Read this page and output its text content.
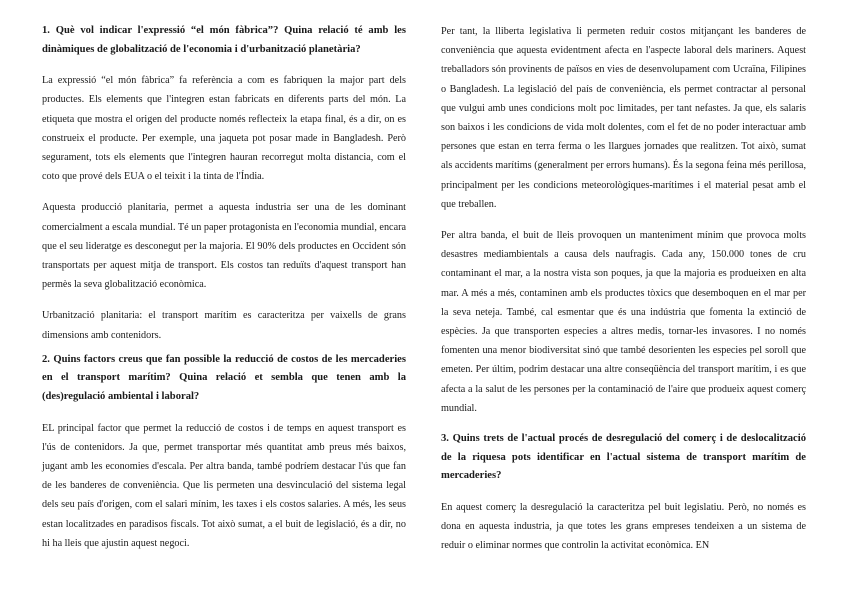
1. Què vol indicar l'expressió “el món fàbrica”? Quina relació té amb les dinàmiques de globalització de l'economia i d'urbanització planetària?

La expressió “el món fàbrica” fa referència a com es fabriquen la major part dels productes. Els elements que l'integren estan fabricats en diferents parts del món. La etiqueta que mostra el origen del producte només reflecteix la etapa final, és a dir, on es construeix el producte. Per exemple, una jaqueta pot posar made in Bangladesh. Però segurament, tots els elements que l'integren hauran recorregut molta distancia, com el coto que prové dels EUA o el teixit i la tinta de l'Índia.

Aquesta producció planitaria, permet a aquesta industria ser una de les dominant comercialment a escala mundial. Té un paper protagonista en l'economia mundial, encara que el seu lideratge es desconegut per la majoria. El 90% dels productes en Occident són transportats per aquest mitja de transport. Els costos tan reduïts d'aquest transport han permès la seva globalització econòmica.

Urbanització planitaria: el transport marítim es caracteritza per vaixells de grans dimensions amb contenidors.

2. Quins factors creus que fan possible la reducció de costos de les mercaderies en el transport marítim? Quina relació et sembla que tenen amb la (des)regulació ambiental i laboral?

EL principal factor que permet la reducció de costos i de temps en aquest transport es l'ús de contenidors. Ja que, permet transportar més quantitat amb preus més baixos, jugant amb les economies d'escala. Per altra banda, també podríem destacar l'ús que fan de les banderes de conveniència. Que lis permeten una desvinculació del sistema legal dels seu país d'origen, com el salari mínim, les taxes i els costos salaries. A més, les seus estan localitzades en paradisos fiscals. Tot això sumat, a el buit de legislació, és a dir, no hi ha lleis que ajustin aquest negoci.

Per tant, la lliberta legislativa li permeten reduir costos mitjançant les banderes de conveniència que aquesta evidentment afecta en l'aspecte laboral dels mariners. Aquest treballadors són provinents de països en vies de desenvolupament com Ucraïna, Filipines o Bangladesh. La legislació del país de conveniència, els permet contractar al personal que vulgui amb unes condicions molt poc limitades, per tant nefastes. Ja que, els salaris son baixos i les condicions de vida molt dolentes, com el fet de no poder interactuar amb persones que estan en terra ferma o les llargues jornades que realitzen. Tot això, sumat als accidents marítims (generalment per errors humans). És la segona feina més perillosa, principalment per les condicions meteorològiques-marítimes i el material pesat amb el que treballen.

Per altra banda, el buit de lleis provoquen un manteniment mínim que provoca molts desastres mediambientals a causa dels naufragis. Cada any, 150.000 tones de cru contaminant el mar, a la nostra vista son poques, ja que la majoria es produeixen en alta mar. A més a més, contaminen amb els productes tòxics que desemboquen en el mar per la seva neteja. També, cal esmentar que és una indústria que fomenta la extinció de espècies. Ja que transporten especies a altres medis, tornar-les invasores. I no només fomenten una menor biodiversitat sinó que també desorienten les especies pel soroll que emeten. Per últim, podrim destacar una altre conseqüència del transport marítim, i es que afecta a la salut de les persones per la contaminació de l'aire que produeix aquest comerç mundial.

3. Quins trets de l'actual procés de desregulació del comerç i de deslocalització de la riquesa pots identificar en l'actual sistema de transport marítim de mercaderies?

En aquest comerç la desregulació la caracteritza pel buit legislatiu. Però, no només es dona en aquesta industria, ja que totes les grans empreses tendeixen a un sistema de reduir o eliminar normes que controlin la activitat econòmica. EN
